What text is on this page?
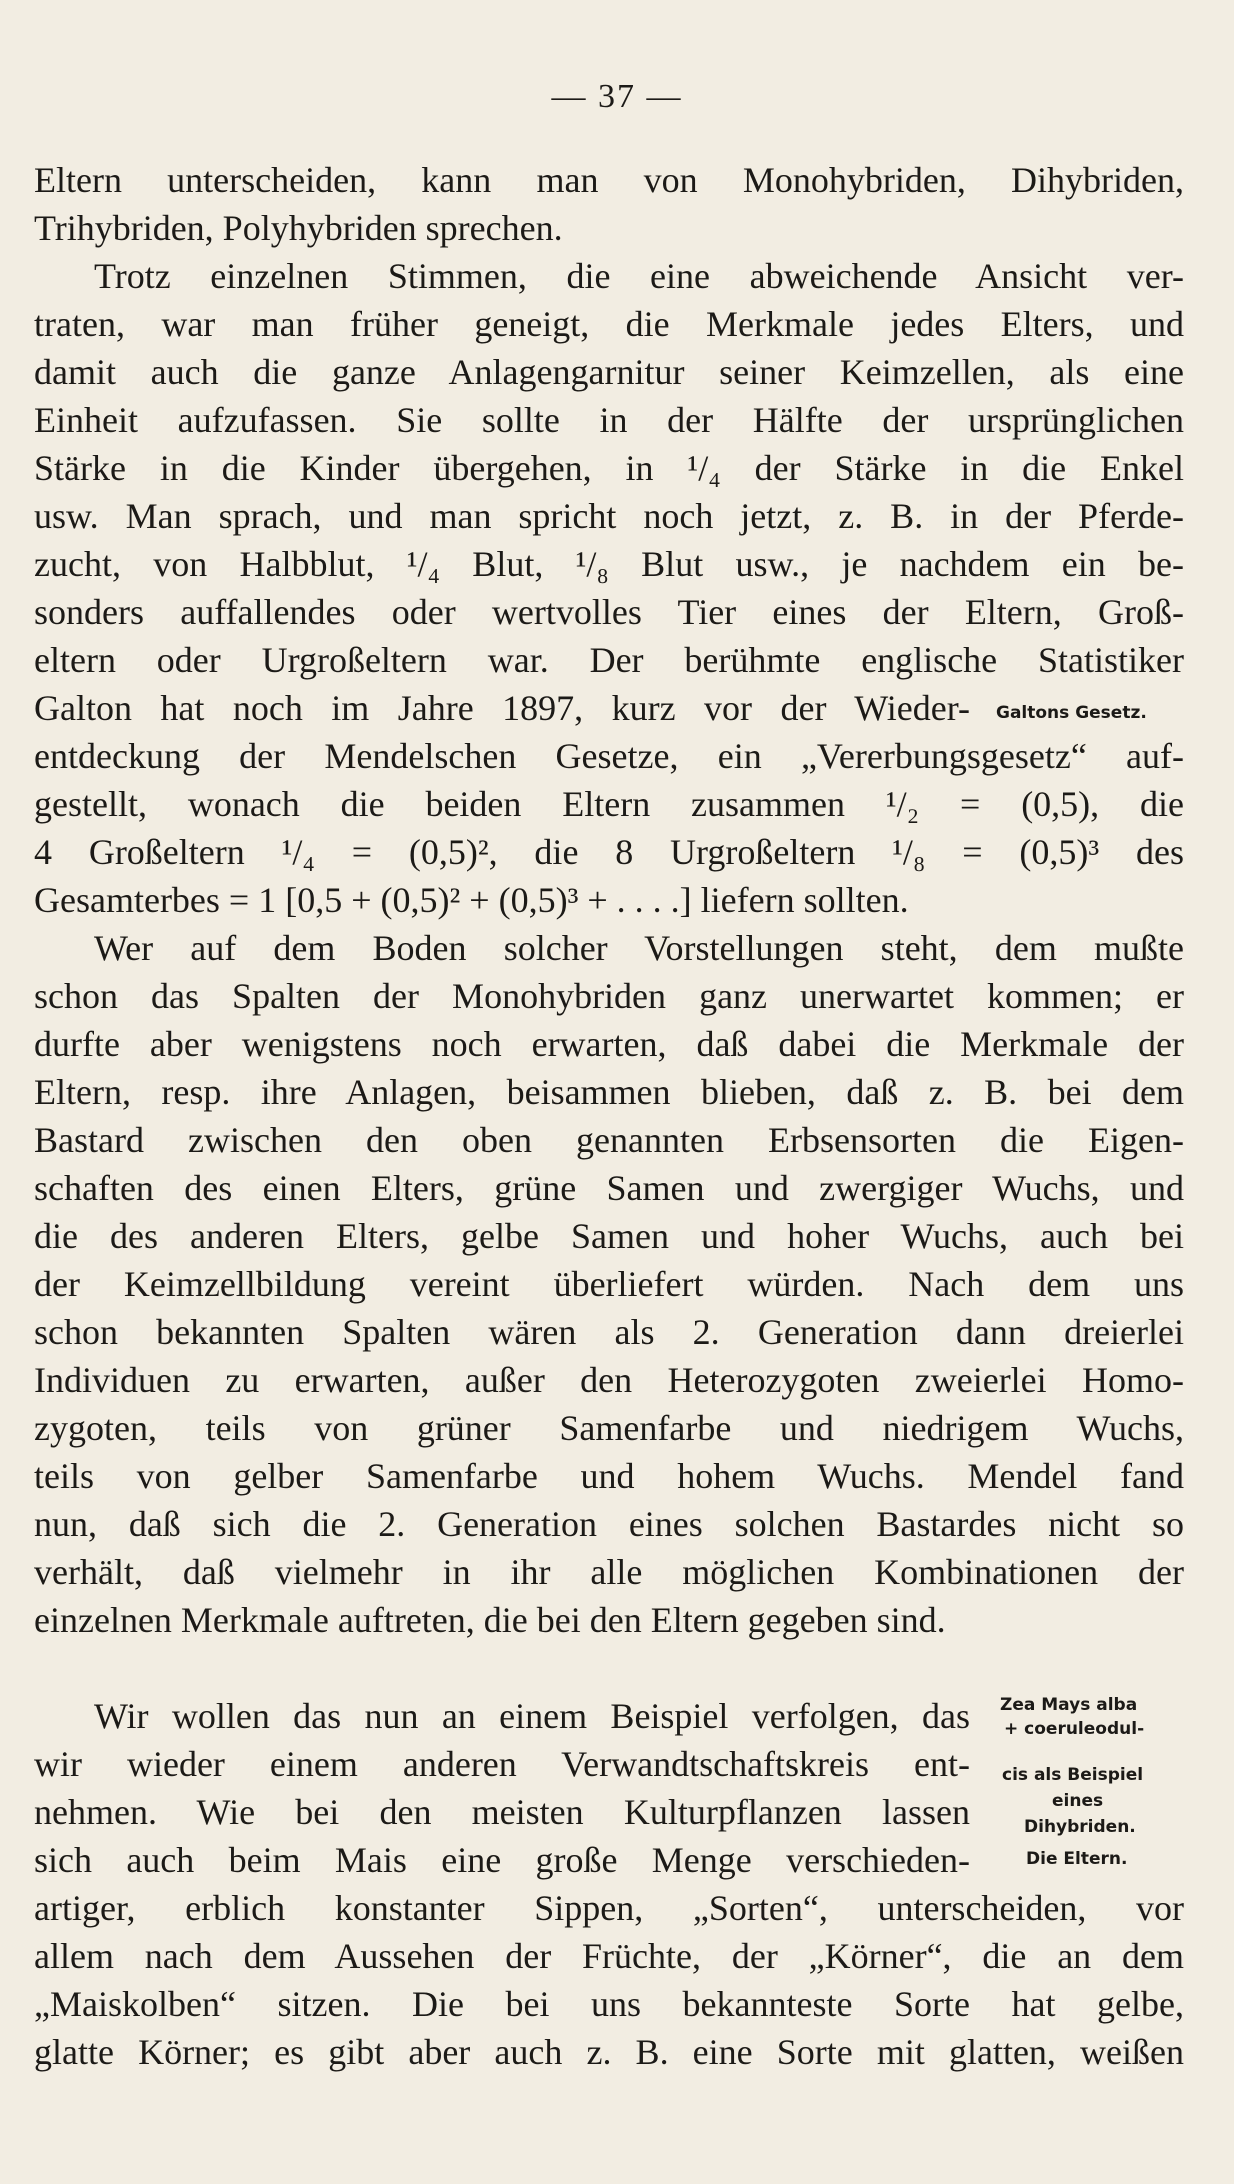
— 37 —
Eltern unterscheiden, kann man von Monohybriden, Dihybriden,
Trihybriden, Polyhybriden sprechen.
Trotz einzelnen Stimmen, die eine abweichende Ansicht ver-
traten, war man früher geneigt, die Merkmale jedes Elters, und
damit auch die ganze Anlagengarnitur seiner Keimzellen, als eine
Einheit aufzufassen. Sie sollte in der Hälfte der ursprünglichen
Stärke in die Kinder übergehen, in ¹/₄ der Stärke in die Enkel
usw. Man sprach, und man spricht noch jetzt, z. B. in der Pferde-
zucht, von Halbblut, ¹/₄ Blut, ¹/₈ Blut usw., je nachdem ein be-
sonders auffallendes oder wertvolles Tier eines der Eltern, Groß-
eltern oder Urgroßeltern war. Der berühmte englische Statistiker
Galton hat noch im Jahre 1897, kurz vor der Wieder- Galtons Gesetz.
entdeckung der Mendelschen Gesetze, ein „Vererbungsgesetz“ auf-
gestellt, wonach die beiden Eltern zusammen ¹/₂ = (0,5), die
4 Großeltern ¹/₄ = (0,5)², die 8 Urgroßeltern ¹/₈ = (0,5)³ des
Gesamterbes = 1 [0,5 + (0,5)² + (0,5)³ + . . . .] liefern sollten.
Wer auf dem Boden solcher Vorstellungen steht, dem mußte
schon das Spalten der Monohybriden ganz unerwartet kommen; er
durfte aber wenigstens noch erwarten, daß dabei die Merkmale der
Eltern, resp. ihre Anlagen, beisammen blieben, daß z. B. bei dem
Bastard zwischen den oben genannten Erbsensorten die Eigen-
schaften des einen Elters, grüne Samen und zwergiger Wuchs, und
die des anderen Elters, gelbe Samen und hoher Wuchs, auch bei
der Keimzellbildung vereint überliefert würden. Nach dem uns
schon bekannten Spalten wären als 2. Generation dann dreierlei
Individuen zu erwarten, außer den Heterozygoten zweierlei Homo-
zygoten, teils von grüner Samenfarbe und niedrigem Wuchs,
teils von gelber Samenfarbe und hohem Wuchs. Mendel fand
nun, daß sich die 2. Generation eines solchen Bastardes nicht so
verhält, daß vielmehr in ihr alle möglichen Kombinationen der
einzelnen Merkmale auftreten, die bei den Eltern gegeben sind.
Wir wollen das nun an einem Beispiel verfolgen, das
wir wieder einem anderen Verwandtschaftskreis ent-
nehmen. Wie bei den meisten Kulturpflanzen lassen
sich auch beim Mais eine große Menge verschieden-
artiger, erblich konstanter Sippen, „Sorten“, unterscheiden, vor
allem nach dem Aussehen der Früchte, der „Körner“, die an dem
„Maiskolben“ sitzen. Die bei uns bekannteste Sorte hat gelbe,
glatte Körner; es gibt aber auch z. B. eine Sorte mit glatten, weißen
Zea Mays alba
+ coeruleodul-
cis als Beispiel
eines
Dihybriden.
Die Eltern.
